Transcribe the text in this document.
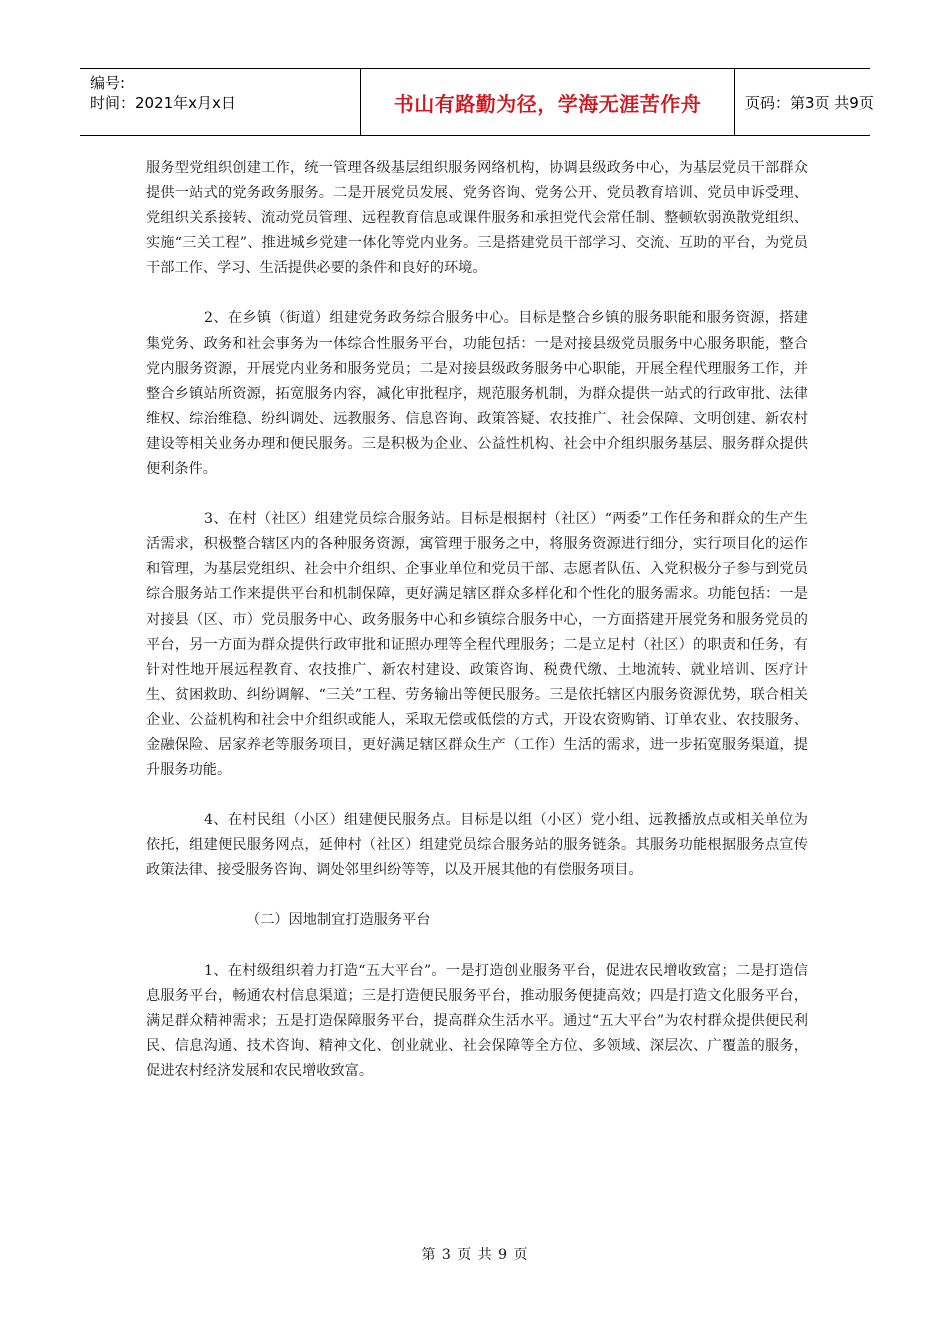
编号:
时间：2021年x月x日	书山有路勤为径，学海无涯苦作舟	页码：第3页 共9页

服务型党组织创建工作，统一管理各级基层组织服务网络机构，协调县级政务中心，为基层党员干部群众提供一站式的党务政务服务。二是开展党员发展、党务咨询、党务公开、党员教育培训、党员申诉受理、党组织关系接转、流动党员管理、远程教育信息或课件服务和承担党代会常任制、整顿软弱涣散党组织、实施“三关工程”、推进城乡党建一体化等党内业务。三是搭建党员干部学习、交流、互助的平台，为党员干部工作、学习、生活提供必要的条件和良好的环境。

2、在乡镇（街道）组建党务政务综合服务中心。目标是整合乡镇的服务职能和服务资源，搭建集党务、政务和社会事务为一体综合性服务平台，功能包括：一是对接县级党员服务中心服务职能，整合党内服务资源，开展党内业务和服务党员；二是对接县级政务服务中心职能，开展全程代理服务工作，并整合乡镇站所资源，拓宽服务内容，减化审批程序，规范服务机制，为群众提供一站式的行政审批、法律维权、综治维稳、纷纠调处、远教服务、信息咨询、政策答疑、农技推广、社会保障、文明创建、新农村建设等相关业务办理和便民服务。三是积极为企业、公益性机构、社会中介组织服务基层、服务群众提供便利条件。

3、在村（社区）组建党员综合服务站。目标是根据村（社区）“两委”工作任务和群众的生产生活需求，积极整合辖区内的各种服务资源，寓管理于服务之中，将服务资源进行细分，实行项目化的运作和管理，为基层党组织、社会中介组织、企事业单位和党员干部、志愿者队伍、入党积极分子参与到党员综合服务站工作来提供平台和机制保障，更好满足辖区群众多样化和个性化的服务需求。功能包括：一是对接县（区、市）党员服务中心、政务服务中心和乡镇综合服务中心，一方面搭建开展党务和服务党员的平台，另一方面为群众提供行政审批和证照办理等全程代理服务；二是立足村（社区）的职责和任务，有针对性地开展远程教育、农技推广、新农村建设、政策咨询、税费代缴、土地流转、就业培训、医疗计生、贫困救助、纠纷调解、“三关”工程、劳务输出等便民服务。三是依托辖区内服务资源优势，联合相关企业、公益机构和社会中介组织或能人，采取无偿或低偿的方式，开设农资购销、订单农业、农技服务、金融保险、居家养老等服务项目，更好满足辖区群众生产（工作）生活的需求，进一步拓宽服务渠道，提升服务功能。

4、在村民组（小区）组建便民服务点。目标是以组（小区）党小组、远教播放点或相关单位为依托，组建便民服务网点，延伸村（社区）组建党员综合服务站的服务链条。其服务功能根据服务点宣传政策法律、接受服务咨询、调处邻里纠纷等等，以及开展其他的有偿服务项目。

（二）因地制宜打造服务平台

1、在村级组织着力打造“五大平台”。一是打造创业服务平台，促进农民增收致富；二是打造信息服务平台，畅通农村信息渠道；三是打造便民服务平台，推动服务便捷高效；四是打造文化服务平台，满足群众精神需求；五是打造保障服务平台，提高群众生活水平。通过“五大平台”为农村群众提供便民利民、信息沟通、技术咨询、精神文化、创业就业、社会保障等全方位、多领域、深层次、广覆盖的服务，促进农村经济发展和农民增收致富。

第 3 页 共 9 页
